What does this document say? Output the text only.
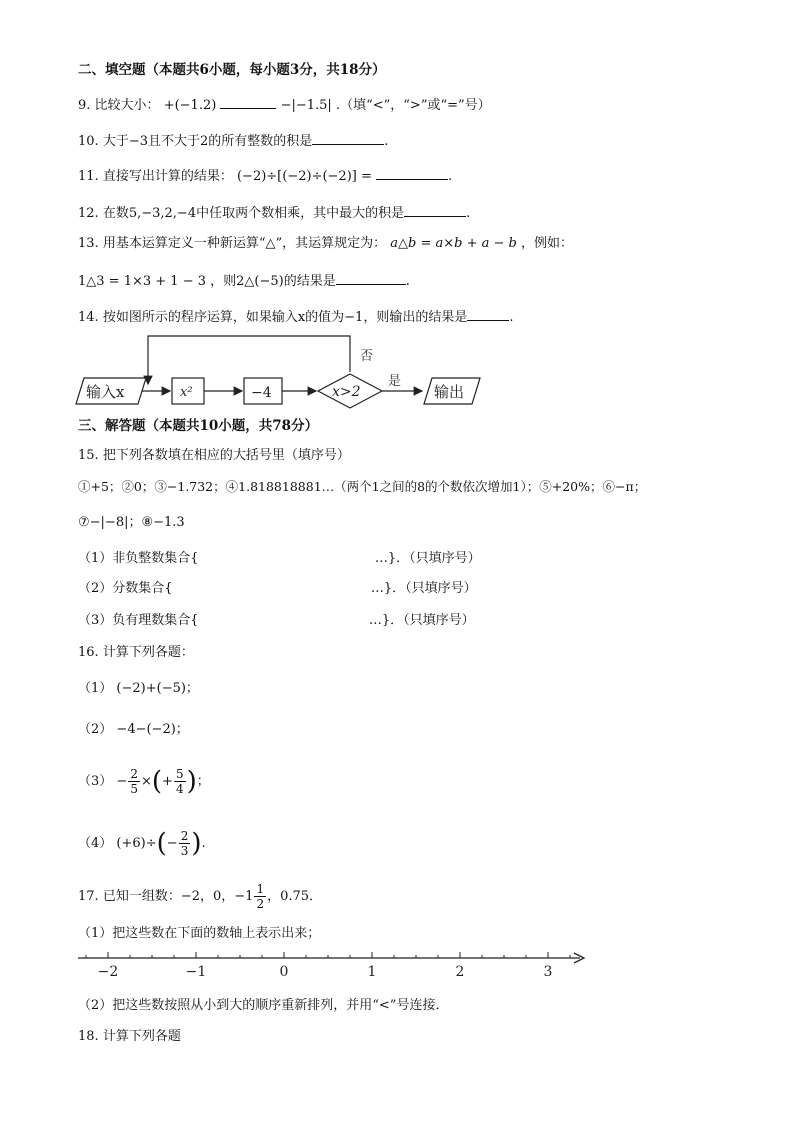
二、填空题（本题共6小题，每小题3分，共18分）
9. 比较大小： +(−1.2)	−|−1.5| .（填“<”，“>”或“=”号）
10. 大于−3且不大于2的所有整数的积是	.
11. 直接写出计算的结果： (−2)÷[(−2)÷(−2)] =	.
12. 在数5,−3,2,−4中任取两个数相乘，其中最大的积是	.
13. 用基本运算定义一种新运算“△”，其运算规定为： a△b = a×b + a − b ，例如：
1△3 = 1×3 + 1 − 3 ，则2△(−5)的结果是	.
14. 按如图所示的程序运算，如果输入x的值为−1，则输出的结果是	.
否
输入x	x²	−4	x>2
是
输出
三、解答题（本题共10小题，共78分）
15. 把下列各数填在相应的大括号里（填序号）
①+5；②0；③−1.732；④1.818818881…（两个1之间的8的个数依次增加1）；⑤+20%；⑥−π；
⑦−|−8|；⑧−1.3
（1）非负整数集合{	…}．（只填序号）
（2）分数集合{	…}．（只填序号）
（3）负有理数集合{	…}．（只填序号）
16. 计算下列各题：
（1） (−2)+(−5)；
（2） −4−(−2)；
$(3) - \frac{2}{5}$ ×(+ $\frac{5}{4}$ )；
（4） $(+6)\div(- \frac{2}{3}$ ).
17. 已知一组数：−2，0，$-1 \frac{1}{2}$ ，0.75．
（1）把这些数在下面的数轴上表示出来；
−2	−1	0	1	2	3
（2）把这些数按照从小到大的顺序重新排列，并用“<”号连接．
18. 计算下列各题
